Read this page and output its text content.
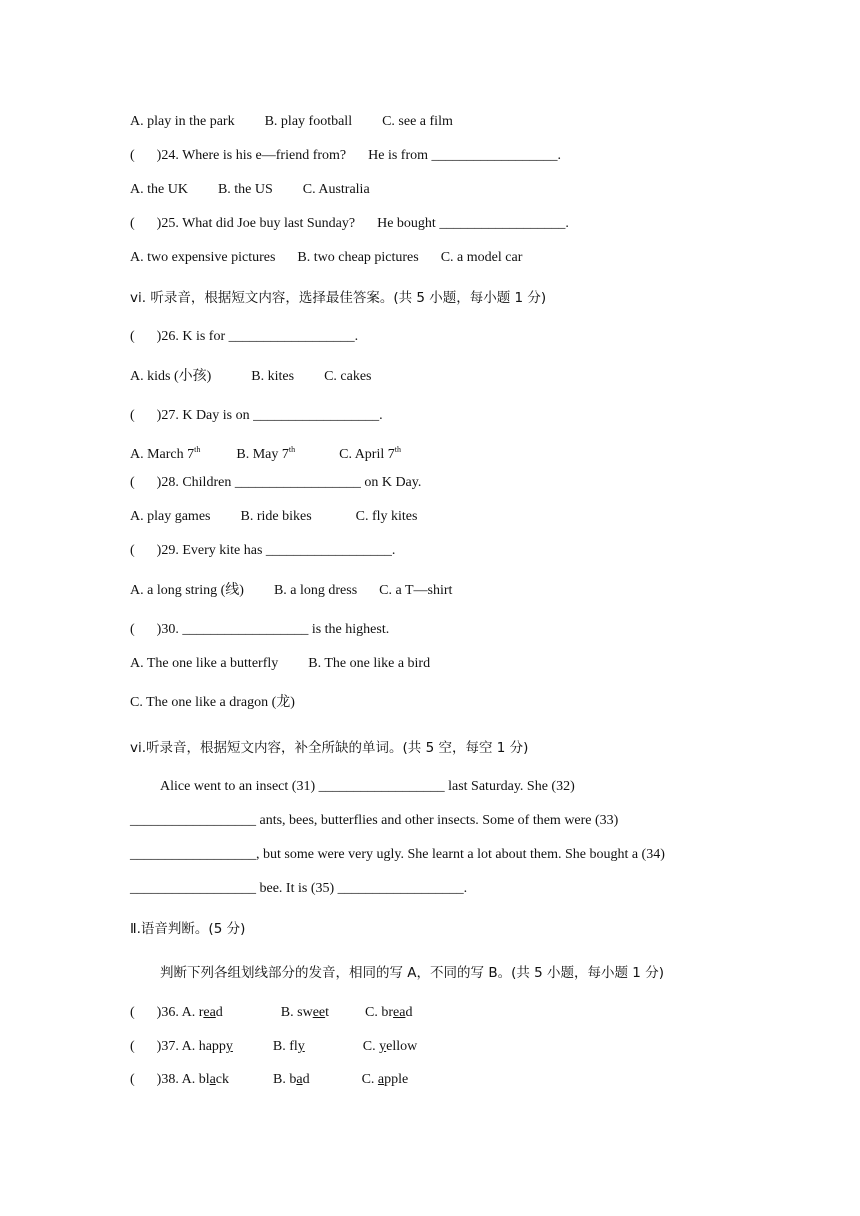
A. play in the park B. play football C. see a film
( )24. Where is his e—friend from? He is from __________________.
A. the UK B. the US C. Australia
( )25. What did Joe buy last Sunday? He bought __________________.
A. two expensive pictures B. two cheap pictures C. a model car
vi. 听录音，根据短文内容，选择最佳答案。(共 5 小题，每小题 1 分)
( )26. K is for __________________.
A. kids (小孩)	B. kites C. cakes
( )27. K Day is on __________________.
A. March 7th	B. May 7th	C. April 7th
( )28. Children __________________ on K Day.
A. play games B. ride bikes	C. fly kites
( )29. Every kite has __________________.
A. a long string (线) B. a long dress C. a T—shirt
( )30. __________________ is the highest.
A. The one like a butterfly B. The one like a bird
C. The one like a dragon (龙)
vi.听录音，根据短文内容，补全所缺的单词。(共 5 空，每空 1 分)
Alice went to an insect (31) __________________ last Saturday. She (32)
__________________ ants, bees, butterflies and other insects. Some of them were (33)
__________________, but some were very ugly. She learnt a lot about them. She bought a (34)
__________________ bee. It is (35) __________________.
Ⅱ.语音判断。(5 分)
判断下列各组划线部分的发音，相同的写 A，不同的写 B。(共 5 小题，每小题 1 分)
( )36. A. read	B. sweet	C. bread
( )37. A. happy	B. fly	C. yellow
( )38. A. black	B. bad	C. apple
